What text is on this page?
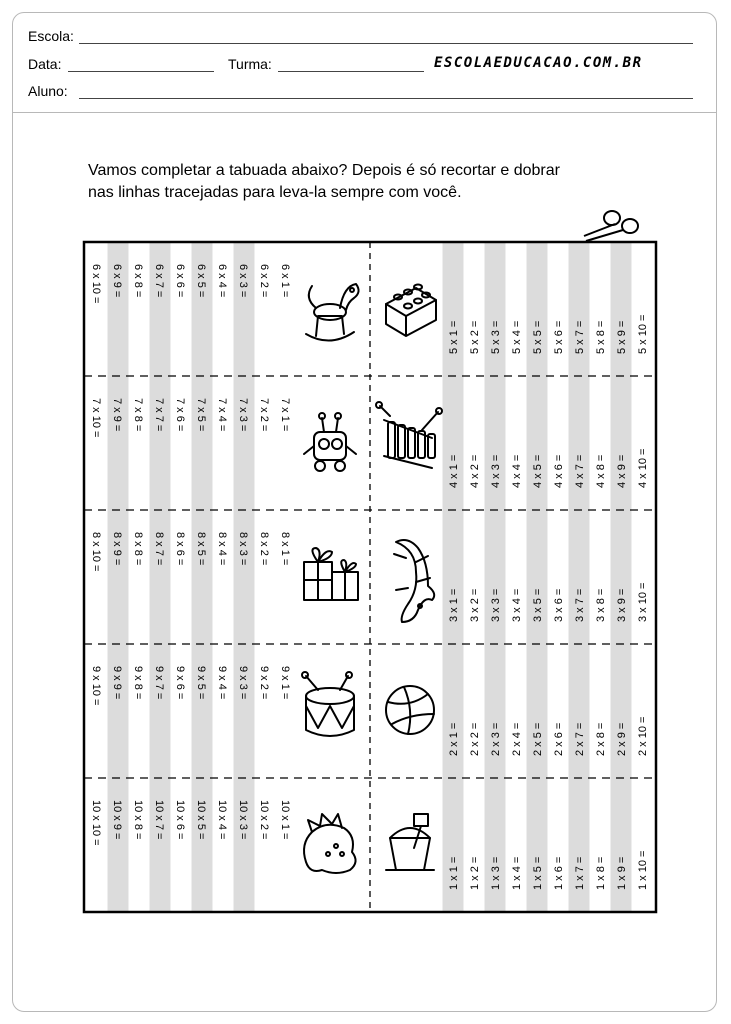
Escola:
Data:	Turma:	ESCOLAEDUCACAO.COM.BR
Aluno:
Vamos completar a tabuada abaixo? Depois é só recortar e dobrar
nas linhas tracejadas para leva-la sempre com você.
6 x 1 =
6 x 2 =
6 x 3 =
6 x 4 =
6 x 5 =
6 x 6 =
6 x 7 =
6 x 8 =
6 x 9 =
6 x 10 =
5 x 1 = 5 x 2 = 5 x 3 = 5 x 4 = 5 x 5 = 5 x 6 = 5 x 7 = 5 x 8 = 5 x 9 = 5 x 10 =
7 x 1 =
7 x 2 =
7 x 3 =
7 x 4 =
7 x 5 =
7 x 6 =
7 x 7 =
7 x 8 =
7 x 9 =
7 x 10 =
4 x 1 = 4 x 2 = 4 x 3 = 4 x 4 = 4 x 5 = 4 x 6 = 4 x 7 = 4 x 8 = 4 x 9 = 4 x 10 =
8 x 1 =
8 x 2 =
8 x 3 =
8 x 4 =
8 x 5 =
8 x 6 =
8 x 7 =
8 x 8 =
8 x 9 =
8 x 10 =
3 x 1 = 3 x 2 = 3 x 3 = 3 x 4 = 3 x 5 = 3 x 6 = 3 x 7 = 3 x 8 = 3 x 9 = 3 x 10 =
9 x 1 =
9 x 2 =
9 x 3 =
9 x 4 =
9 x 5 =
9 x 6 =
9 x 7 =
9 x 8 =
9 x 9 =
9 x 10 =
2 x 1 = 2 x 2 = 2 x 3 = 2 x 4 = 2 x 5 = 2 x 6 = 2 x 7 = 2 x 8 = 2 x 9 = 2 x 10 =
10 x 1 =
10 x 2 =
10 x 3 =
10 x 4 =
10 x 5 =
10 x 6 =
10 x 7 =
10 x 8 =
10 x 9 =
10 x 10 =
1 x 1 = 1 x 2 = 1 x 3 = 1 x 4 = 1 x 5 = 1 x 6 = 1 x 7 = 1 x 8 = 1 x 9 = 1 x 10 =
